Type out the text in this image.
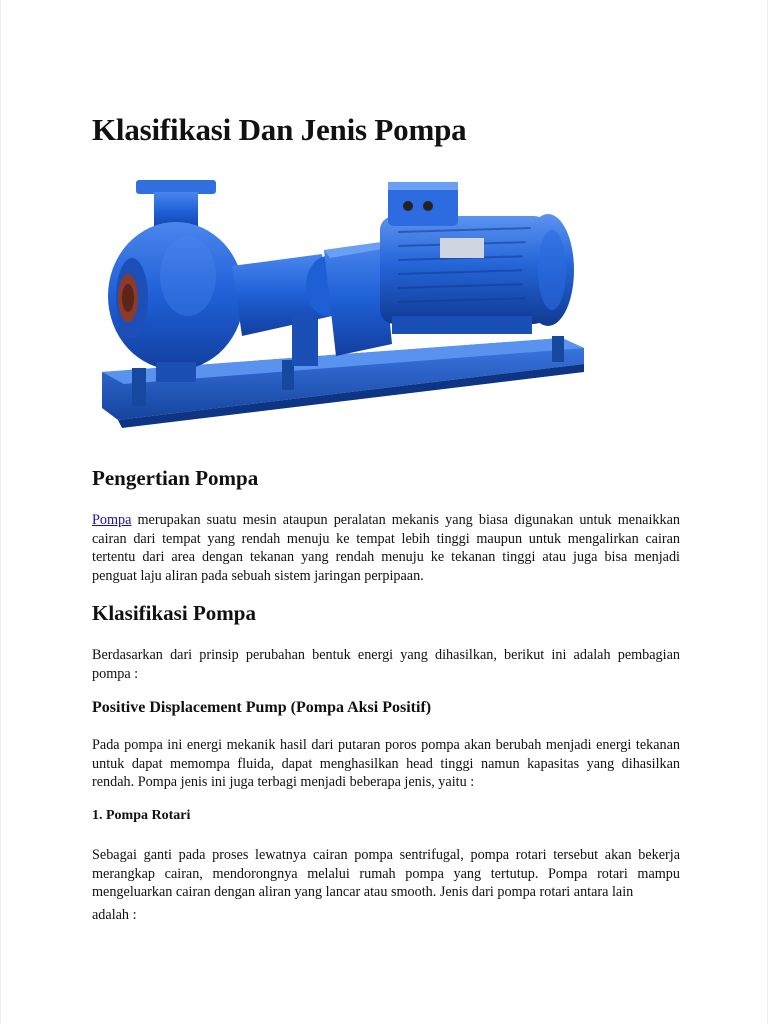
Klasifikasi Dan Jenis Pompa
Pengertian Pompa

Pompa merupakan suatu mesin ataupun peralatan mekanis yang biasa digunakan untuk menaikkan cairan dari tempat yang rendah menuju ke tempat lebih tinggi maupun untuk mengalirkan cairan tertentu dari area dengan tekanan yang rendah menuju ke tekanan tinggi atau juga bisa menjadi penguat laju aliran pada sebuah sistem jaringan perpipaan.

Klasifikasi Pompa

Berdasarkan dari prinsip perubahan bentuk energi yang dihasilkan, berikut ini adalah pembagian pompa :

Positive Displacement Pump (Pompa Aksi Positif)

Pada pompa ini energi mekanik hasil dari putaran poros pompa akan berubah menjadi energi tekanan untuk dapat memompa fluida, dapat menghasilkan head tinggi namun kapasitas yang dihasilkan rendah. Pompa jenis ini juga terbagi menjadi beberapa jenis, yaitu :

1. Pompa Rotari

Sebagai ganti pada proses lewatnya cairan pompa sentrifugal, pompa rotari tersebut akan bekerja merangkap cairan, mendorongnya melalui rumah pompa yang tertutup. Pompa rotari mampu mengeluarkan cairan dengan aliran yang lancar atau smooth. Jenis dari pompa rotari antara lain

adalah :
